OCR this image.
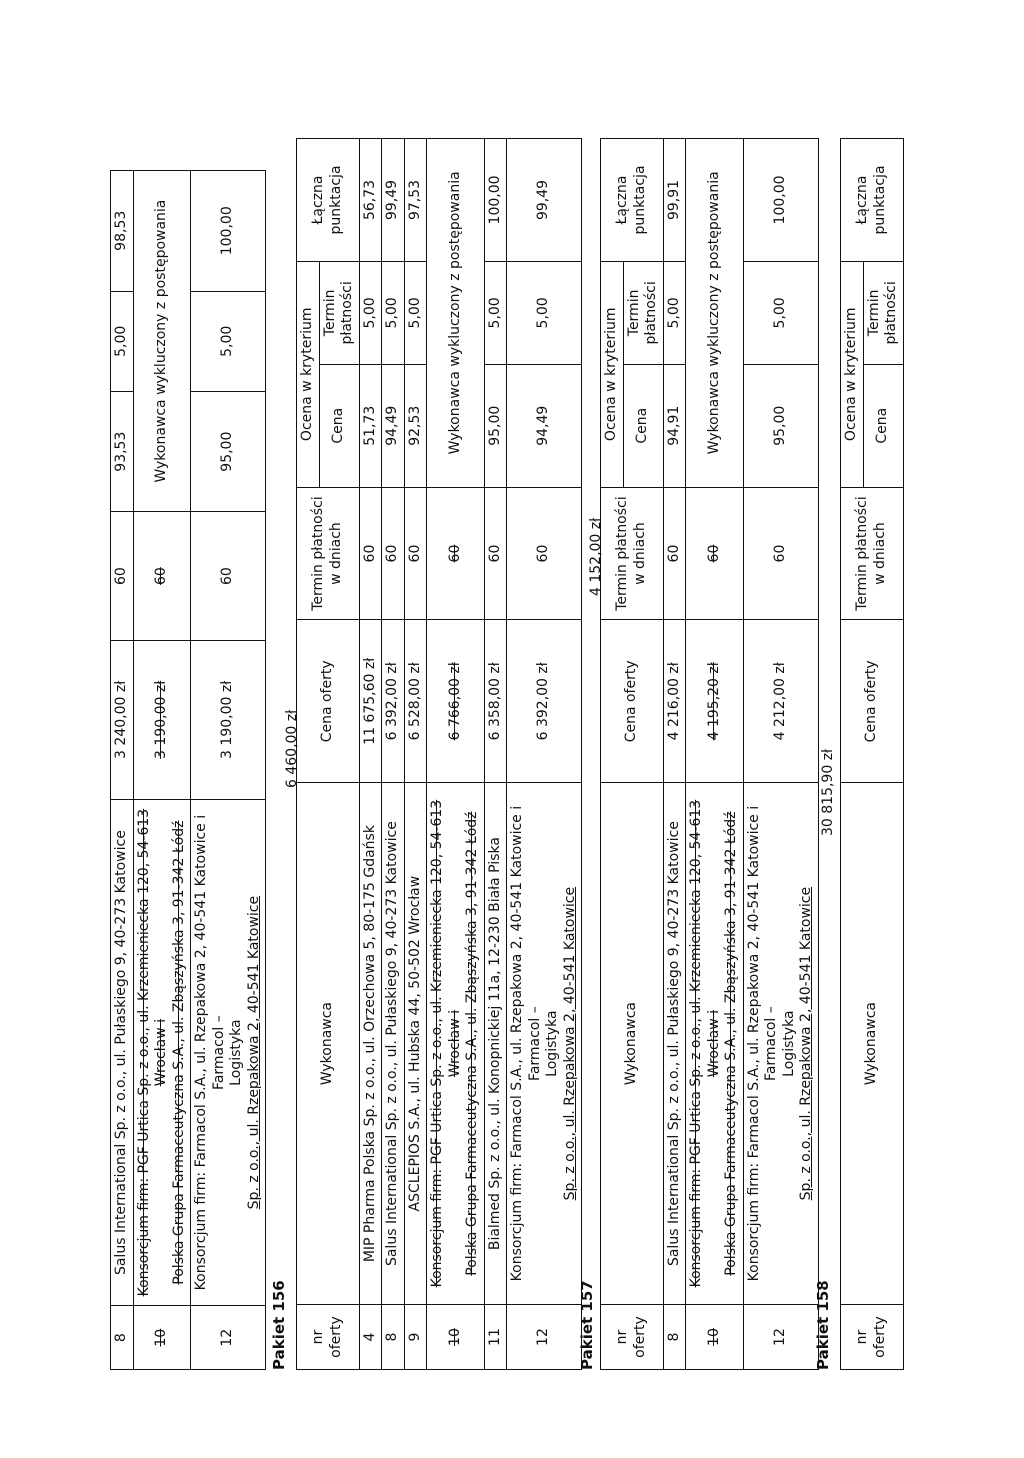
8	Salus International Sp. z o.o., ul. Pułaskiego 9, 40-273 Katowice	3 240,00 zł	60	93,53	5,00	98,53
10	Konsorcjum firm: PGF Urtica Sp. z o.o., ul. Krzemieniecka 120, 54-613 Wrocław i Polska Grupa Farmaceutyczna S.A., ul. Zbąszyńska 3, 91-342 Łódź	3 190,00 zł	60	Wykonawca wykluczony z postępowania		
12	Konsorcjum firm: Farmacol S.A., ul. Rzepakowa 2, 40-541 Katowice i Farmacol – Logistyka Sp. z o.o., ul. Rzepakowa 2, 40-541 Katowice	3 190,00 zł	60	95,00	5,00	100,00
Pakiet 156
6 460,00 zł
nr oferty	Wykonawca	Cena oferty	Termin płatności w dniach	Ocena w kryterium		Łączna punktacja
				Cena	Termin płatności	
4	MIP Pharma Polska Sp. z o.o., ul. Orzechowa 5, 80-175 Gdańsk	11 675,60 zł	60	51,73	5,00	56,73
8	Salus International Sp. z o.o., ul. Pułaskiego 9, 40-273 Katowice	6 392,00 zł	60	94,49	5,00	99,49
9	ASCLEPIOS S.A., ul. Hubska 44, 50-502 Wrocław	6 528,00 zł	60	92,53	5,00	97,53
10	Konsorcjum firm: PGF Urtica Sp. z o.o., ul. Krzemieniecka 120, 54-613 Wrocław i Polska Grupa Farmaceutyczna S.A., ul. Zbąszyńska 3, 91-342 Łódź	6 766,00 zł	60	Wykonawca wykluczony z postępowania		
11	Bialmed Sp. z o.o., ul. Konopnickiej 11a, 12-230 Biała Piska	6 358,00 zł	60	95,00	5,00	100,00
12	Konsorcjum firm: Farmacol S.A., ul. Rzepakowa 2, 40-541 Katowice i Farmacol – Logistyka Sp. z o.o., ul. Rzepakowa 2, 40-541 Katowice	6 392,00 zł	60	94,49	5,00	99,49
Pakiet 157
4 152,00 zł
nr oferty	Wykonawca	Cena oferty	Termin płatności w dniach	Ocena w kryterium		Łączna punktacja
				Cena	Termin płatności	
8	Salus International Sp. z o.o., ul. Pułaskiego 9, 40-273 Katowice	4 216,00 zł	60	94,91	5,00	99,91
10	Konsorcjum firm: PGF Urtica Sp. z o.o., ul. Krzemieniecka 120, 54-613 Wrocław i Polska Grupa Farmaceutyczna S.A., ul. Zbąszyńska 3, 91-342 Łódź	4 195,20 zł	60	Wykonawca wykluczony z postępowania		
12	Konsorcjum firm: Farmacol S.A., ul. Rzepakowa 2, 40-541 Katowice i Farmacol – Logistyka Sp. z o.o., ul. Rzepakowa 2, 40-541 Katowice	4 212,00 zł	60	95,00	5,00	100,00
Pakiet 158
30 815,90 zł
nr oferty	Wykonawca	Cena oferty	Termin płatności w dniach	Ocena w kryterium		Łączna punktacja
				Cena	Termin płatności	
